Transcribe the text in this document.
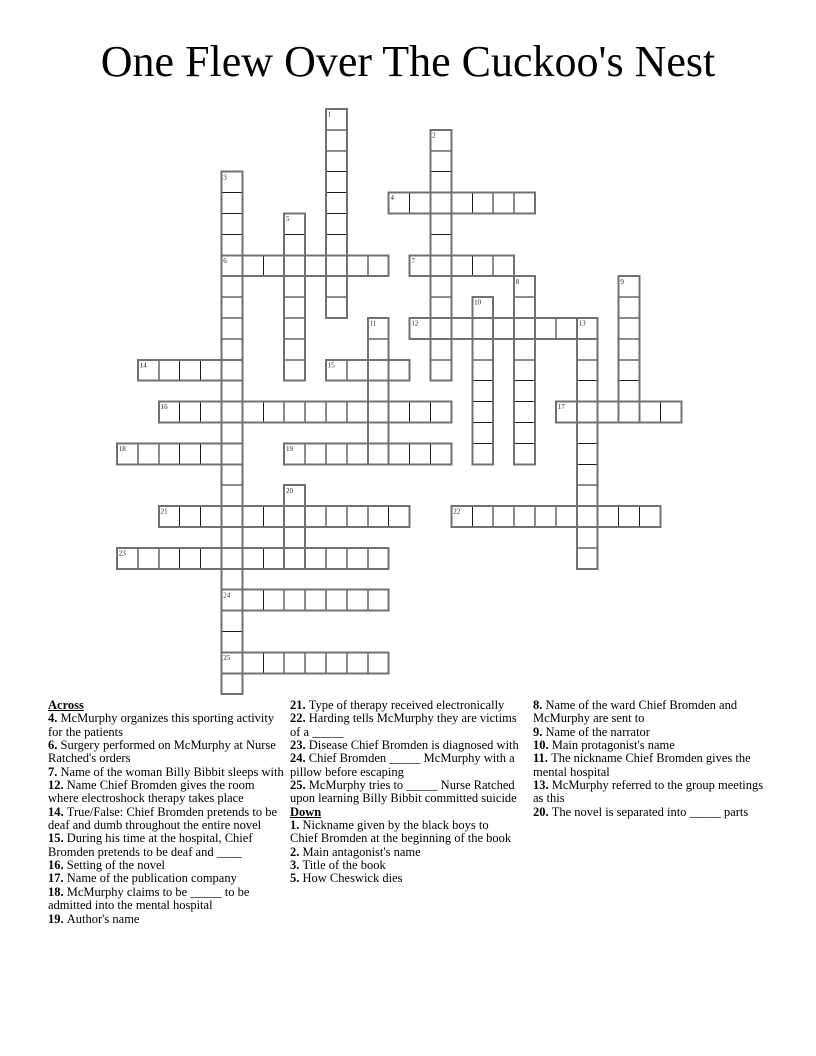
One Flew Over The Cuckoo's Nest
1
2
3
4
5
6	7
8	9
10
11	12	13
14	15
16	17
18	19
20
21	22
23
24
25
Across
4. McMurphy organizes this sporting activity for the patients
6. Surgery performed on McMurphy at Nurse Ratched's orders
7. Name of the woman Billy Bibbit sleeps with
12. Name Chief Bromden gives the room where electroshock therapy takes place
14. True/False: Chief Bromden pretends to be deaf and dumb throughout the entire novel
15. During his time at the hospital, Chief Bromden pretends to be deaf and ____
16. Setting of the novel
17. Name of the publication company
18. McMurphy claims to be _____ to be admitted into the mental hospital
19. Author's name
21. Type of therapy received electronically
22. Harding tells McMurphy they are victims of a _____
23. Disease Chief Bromden is diagnosed with
24. Chief Bromden _____ McMurphy with a pillow before escaping
25. McMurphy tries to _____ Nurse Ratched upon learning Billy Bibbit committed suicide
Down
1. Nickname given by the black boys to Chief Bromden at the beginning of the book
2. Main antagonist's name
3. Title of the book
5. How Cheswick dies
8. Name of the ward Chief Bromden and McMurphy are sent to
9. Name of the narrator
10. Main protagonist's name
11. The nickname Chief Bromden gives the mental hospital
13. McMurphy referred to the group meetings as this
20. The novel is separated into _____ parts
